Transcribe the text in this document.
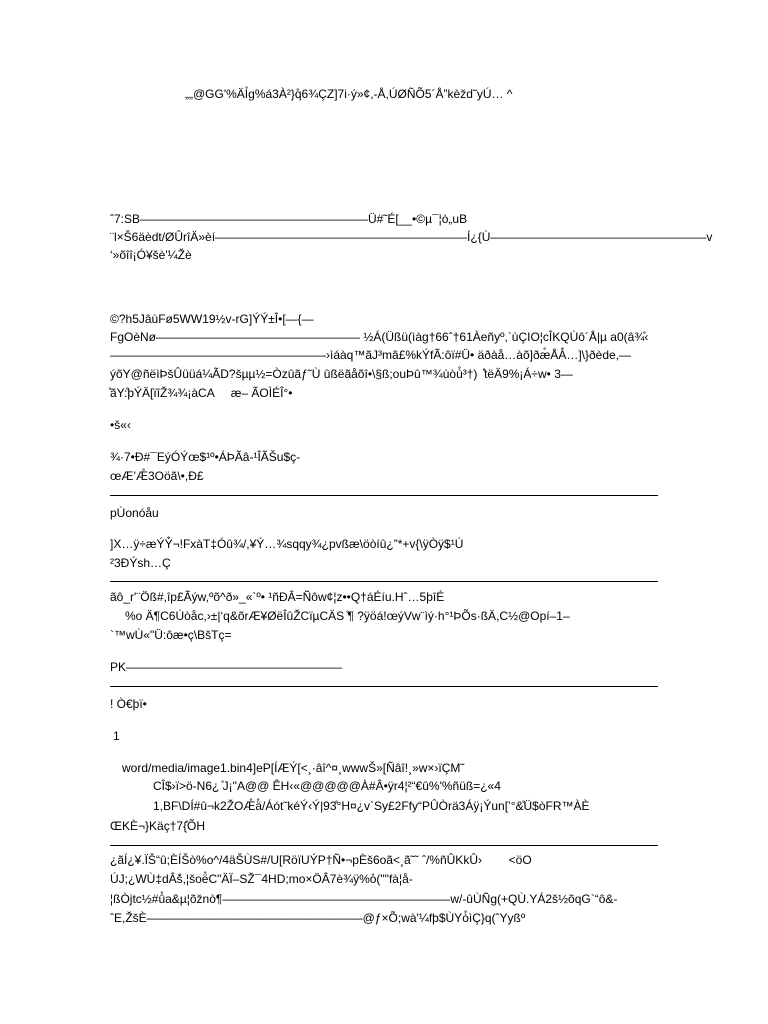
„„@GG'%ÄI̊g%á3À²}q̊6¾ÇZ]7i·ý»¢,-Å,ÚØÑÕ5´Å”kèžd˜yÚ… ^
ˆ7:SB———————————————————Ü#˜É[__•©µ¯¦ò„uB
¨l×Š6äèdt/ØÛrîÄ»èí—————————————————————Í¿{Ù——————————————————v
‘»õîî¡Ó¥šè'¼Žè
©?h5JâùFø5WW19½v-rG]ÝÝ±Î•[—{—
FgOèNø————————————————— ½Á(Üßü(ìàg†66ˆ†61Àeñyº,`ùÇIO¦cÎKQÙô´Å|µ a0(â¾̊‹
——————————————————›ìáàq™ãJ³mâ£%kÝfÃ:ôï#Ü• äðàå…àõ]ðæ̊ÅÁ̊…]\}ðède,—
ýõY@ñëìÞšÛüüá¼ÃD?šµµ½=Òzûãƒ˜Ù ûßëãåõî•\§ß;ouÞû™¾ùòù̊³†)  ̊̊tëÄ9%¡Á÷w• 3—
̊ãY:̊þÝÄ[ïîŽ¾¾¡àCA     æ– ÃOÌÉÎ°•
•š«‹
¾·7•Ð#¯EýÓÝœ$¹º•ÁÞÃâ-¹ÎÃŠu$ç-
œÆ’Æ̊3Oöã\•,Ð£
pÙonóåu
]X…ÿ÷æÝÝ̊¬!FxàT‡Óû¾/,¥Ý…¾sqqy¾¿pvßæ\öòíû¿”*+v{\ÿÒÿ$¹Ú
²3ÐÝsh…Ç
ãô_r'¨Öß#,îp£Ãýw,ºõ^ð»_«`º• ¹ñÐÂ=Ñôw¢¦z••Q†áÉíu.Hˆ…5þîÉ
%o Ä¶C6Úòåc,›±|‘q&õrÆ¥ØëÎûŽCïµCÄS ̊¶ ?ÿöá!œýVw¨ìý·h°¹ÞÕs·ßÄ,C½@Opí–1–
`™wÙ«"Ü:ôæ•ç\BšTç=
PK——————————————————
! Ò€þï•
1
word/media/image1.bin4]eP[ÍÆÝ[<¸·âî^¤¸wwwŠ»[Ñâî!¸»w×›ïÇM˜
CÎ$›ï>ö-N6¿ ̊J¡"A@@ ÊH‹«@@@@@À#Â•ÿr4¦²“€û%'%ñüß=¿«4
1,BF\DÍ#û¬k2ŽOÆ̊ä̊/Áót˜kéÝ‹Ý|93̊°H¤¿v`Sy£2Ffy“PÛÒrä3Áÿ¡Ýun[’°&̊Ü$òFR™ÀÈ
ŒKÈ¬}Käç†7{̊ÕH
¿ãÍ¿¥.ÏŠ“û;ÈÍŠò%o^/4äŠÙS#/U[RöïUÝP†Ñ•¬pÈš6oã<¸ã˜˜ ˆ/%ñÛKkÛ›        <öO
ÚJ;¿WÙ‡dÂš̊,¦šoë̊C"ÄÏ–SŽ¯4HD;mo×ÖÂ7è¾ÿ%o̊(""fà¦å-
¦ßÒjtc½#û̊a&µ¦õžnò¶———————————————————w/-ûÙÑg(+QÙ.YÁ2š½õqG`“ô&-
ˆE,ŽšÈ——————————————————@ƒ×Õ;wà'¼fþ$ÙYò̊ìÇ}q(ˆYyßº
